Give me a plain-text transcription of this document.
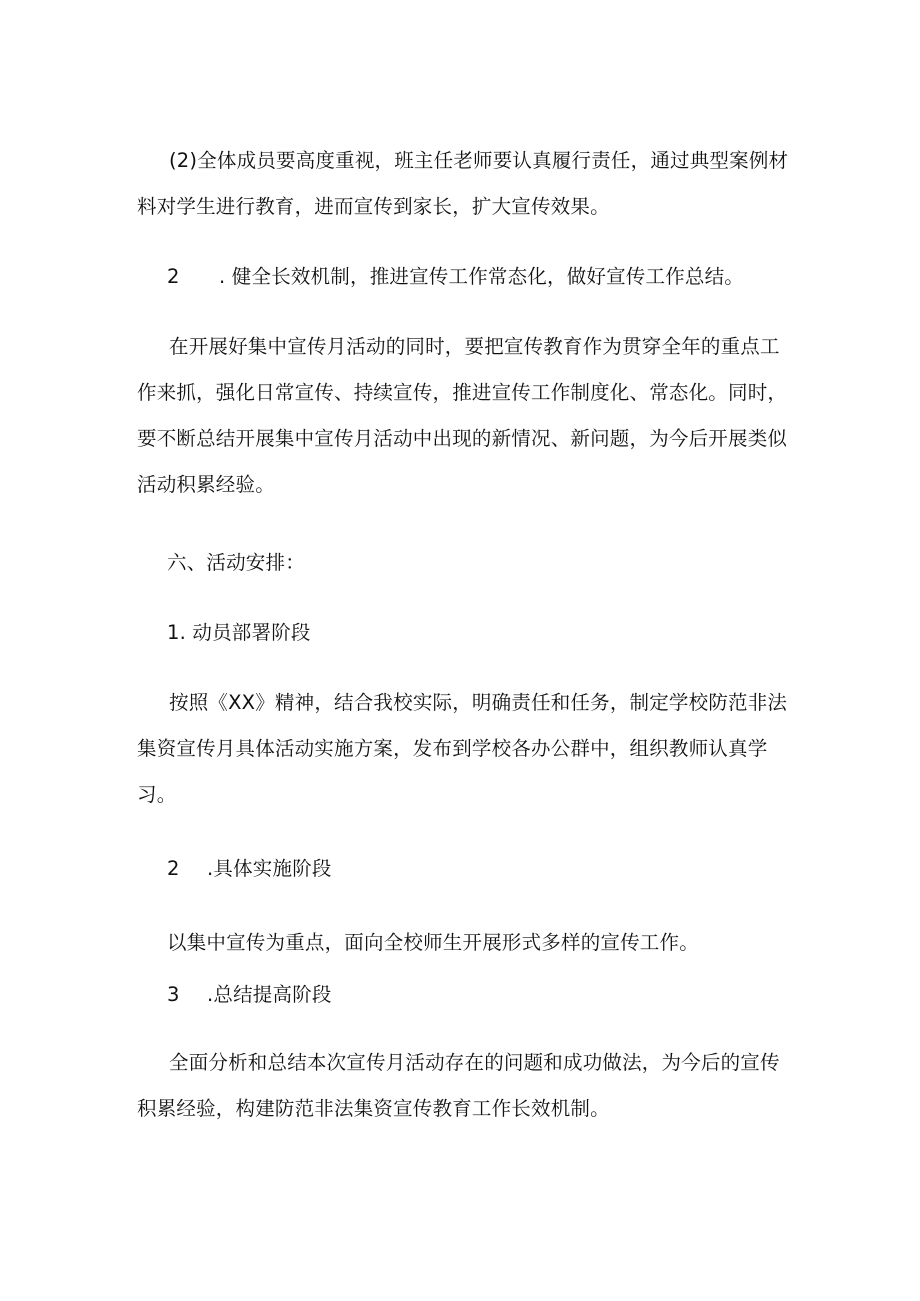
(2)全体成员要高度重视，班主任老师要认真履行责任，通过典型案例材料对学生进行教育，进而宣传到家长，扩大宣传效果。
2 . 健全长效机制，推进宣传工作常态化，做好宣传工作总结。
在开展好集中宣传月活动的同时，要把宣传教育作为贯穿全年的重点工作来抓，强化日常宣传、持续宣传，推进宣传工作制度化、常态化。同时，要不断总结开展集中宣传月活动中出现的新情况、新问题，为今后开展类似活动积累经验。
六、活动安排：
1. 动员部署阶段
按照《XX》精神，结合我校实际，明确责任和任务，制定学校防范非法集资宣传月具体活动实施方案，发布到学校各办公群中，组织教师认真学习。
2 .具体实施阶段
以集中宣传为重点，面向全校师生开展形式多样的宣传工作。
3 .总结提高阶段
全面分析和总结本次宣传月活动存在的问题和成功做法，为今后的宣传积累经验，构建防范非法集资宣传教育工作长效机制。
